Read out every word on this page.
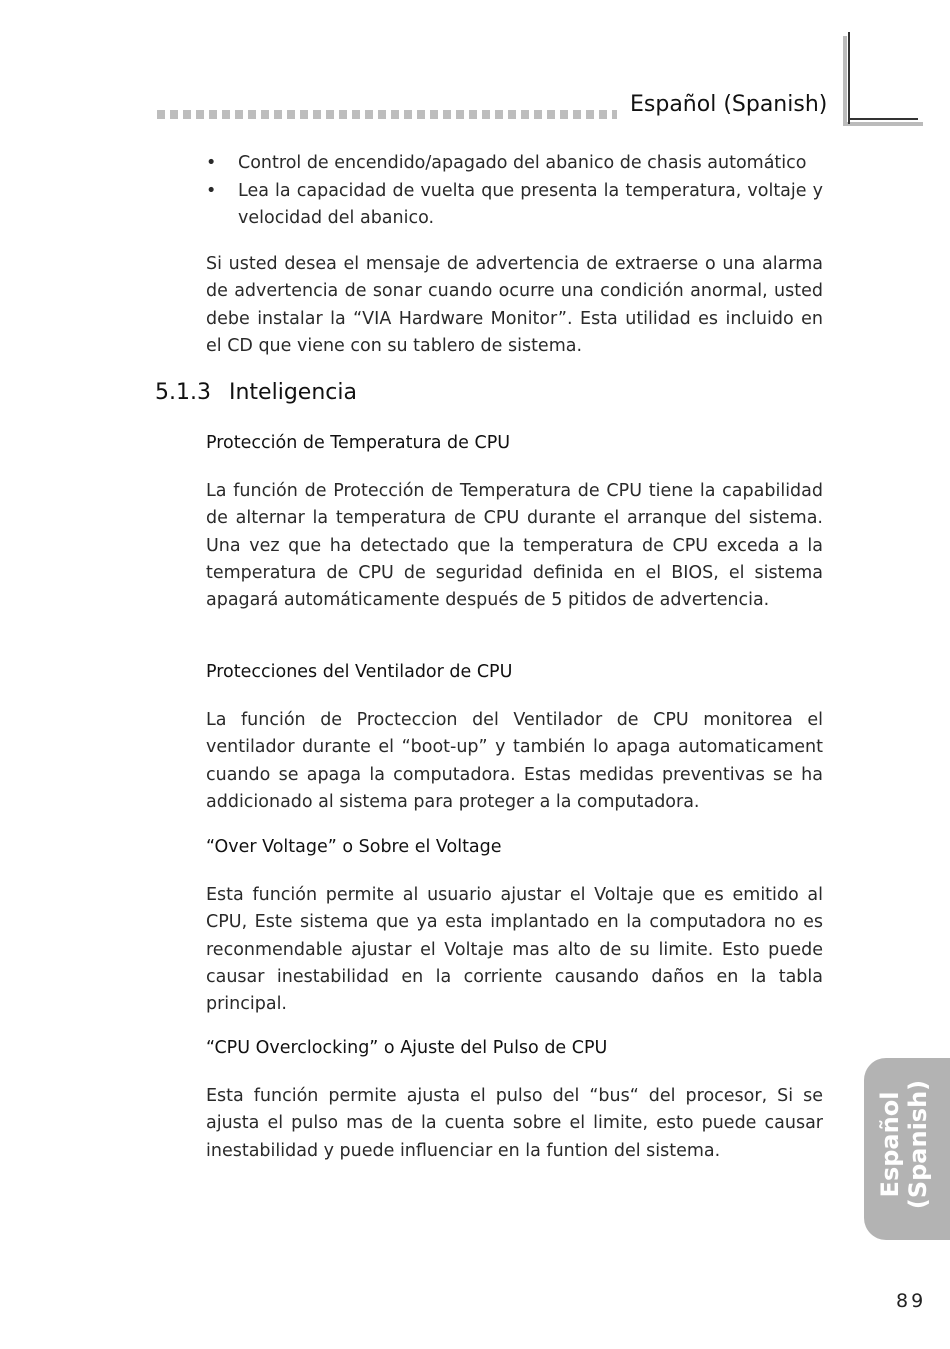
Español (Spanish)
• Control de encendido/apagado del abanico de chasis automático
• Lea la capacidad de vuelta que presenta la temperatura, voltaje y velocidad del abanico.

Si usted desea el mensaje de advertencia de extraerse o una alarma de advertencia de sonar cuando ocurre una condición anormal, usted debe instalar la “VIA Hardware Monitor”. Esta utilidad es incluido en el CD que viene con su tablero de sistema.

5.1.3 Inteligencia
Protección de Temperatura de CPU

La función de Protección de Temperatura de CPU tiene la capabilidad de alternar la temperatura de CPU durante el arranque del sistema. Una vez que ha detectado que la temperatura de CPU exceda a la temperatura de CPU de seguridad definida en el BIOS, el sistema apagará automáticamente después de 5 pitidos de advertencia.

Protecciones del Ventilador de CPU

La función de Procteccion del Ventilador de CPU monitorea el ventilador durante el “boot-up” y también lo apaga automaticament cuando se apaga la computadora. Estas medidas preventivas se ha addicionado al sistema para proteger a la computadora.

“Over Voltage” o Sobre el Voltage

Esta función permite al usuario ajustar el Voltaje que es emitido al CPU, Este sistema que ya esta implantado en la computadora no es reconmendable ajustar el Voltaje mas alto de su limite. Esto puede causar inestabilidad en la corriente causando daños en la tabla principal.

“CPU Overclocking” o Ajuste del Pulso de CPU

Esta función permite ajusta el pulso del “bus“ del procesor, Si se ajusta el pulso mas de la cuenta sobre el limite, esto puede causar inestabilidad y puede influenciar en la funtion del sistema.	Español (Spanish)
89
